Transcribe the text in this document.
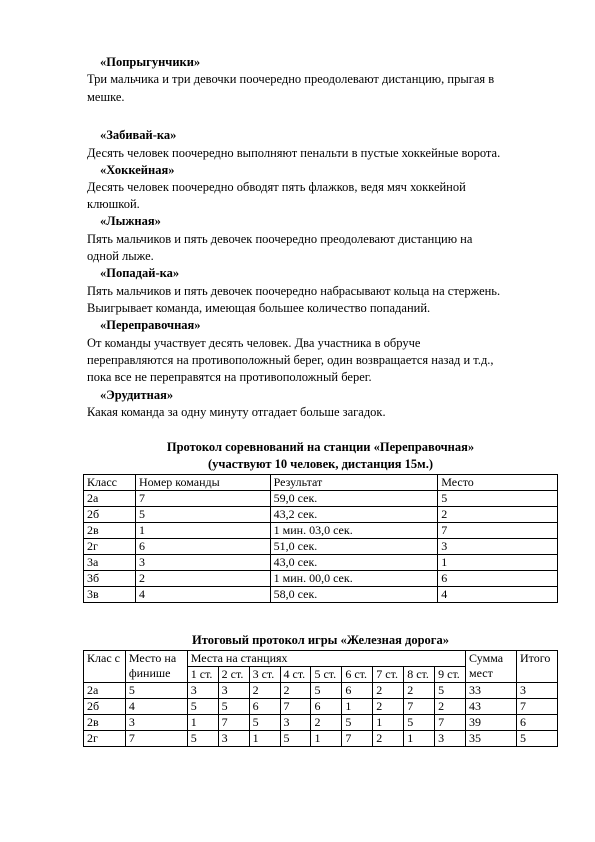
«Попрыгунчики»
Три мальчика и три девочки поочередно преодолевают дистанцию, прыгая в
мешке.
«Забивай-ка»
Десять человек поочередно выполняют пенальти в пустые хоккейные ворота.
«Хоккейная»
Десять человек поочередно обводят пять флажков, ведя мяч хоккейной
клюшкой.
«Лыжная»
Пять мальчиков и пять девочек поочередно преодолевают дистанцию на
одной лыже.
«Попадай-ка»
Пять мальчиков и пять девочек поочередно набрасывают кольца на стержень.
Выигрывает команда, имеющая большее количество попаданий.
«Переправочная»
От команды участвует десять человек. Два участника в обруче
переправляются на противоположный берег, один возвращается назад и т.д.,
пока все не переправятся на противоположный берег.
«Эрудитная»
Какая команда за одну минуту отгадает больше загадок.
Протокол соревнований на станции «Переправочная»
(участвуют 10 человек, дистанция 15м.)
Класс	Номер команды	Результат	Место
2а	7	59,0 сек.	5
2б	5	43,2 сек.	2
2в	1	1 мин. 03,0 сек.	7
2г	6	51,0 сек.	3
3а	3	43,0 сек.	1
3б	2	1 мин. 00,0 сек.	6
3в	4	58,0 сек.	4
Итоговый протокол игры «Железная дорога»
Клас с	Место на финише	Места на станциях									Сумма мест	Итого
		1 ст.	2 ст.	3 ст.	4 ст.	5 ст.	6 ст.	7 ст.	8 ст.	9 ст.		

2а	5	3	3	2	2	5	6	2	2	5	33	3
2б	4	5	5	6	7	6	1	2	7	2	43	7
2в	3	1	7	5	3	2	5	1	5	7	39	6
2г	7	5	3	1	5	1	7	2	1	3	35	5
